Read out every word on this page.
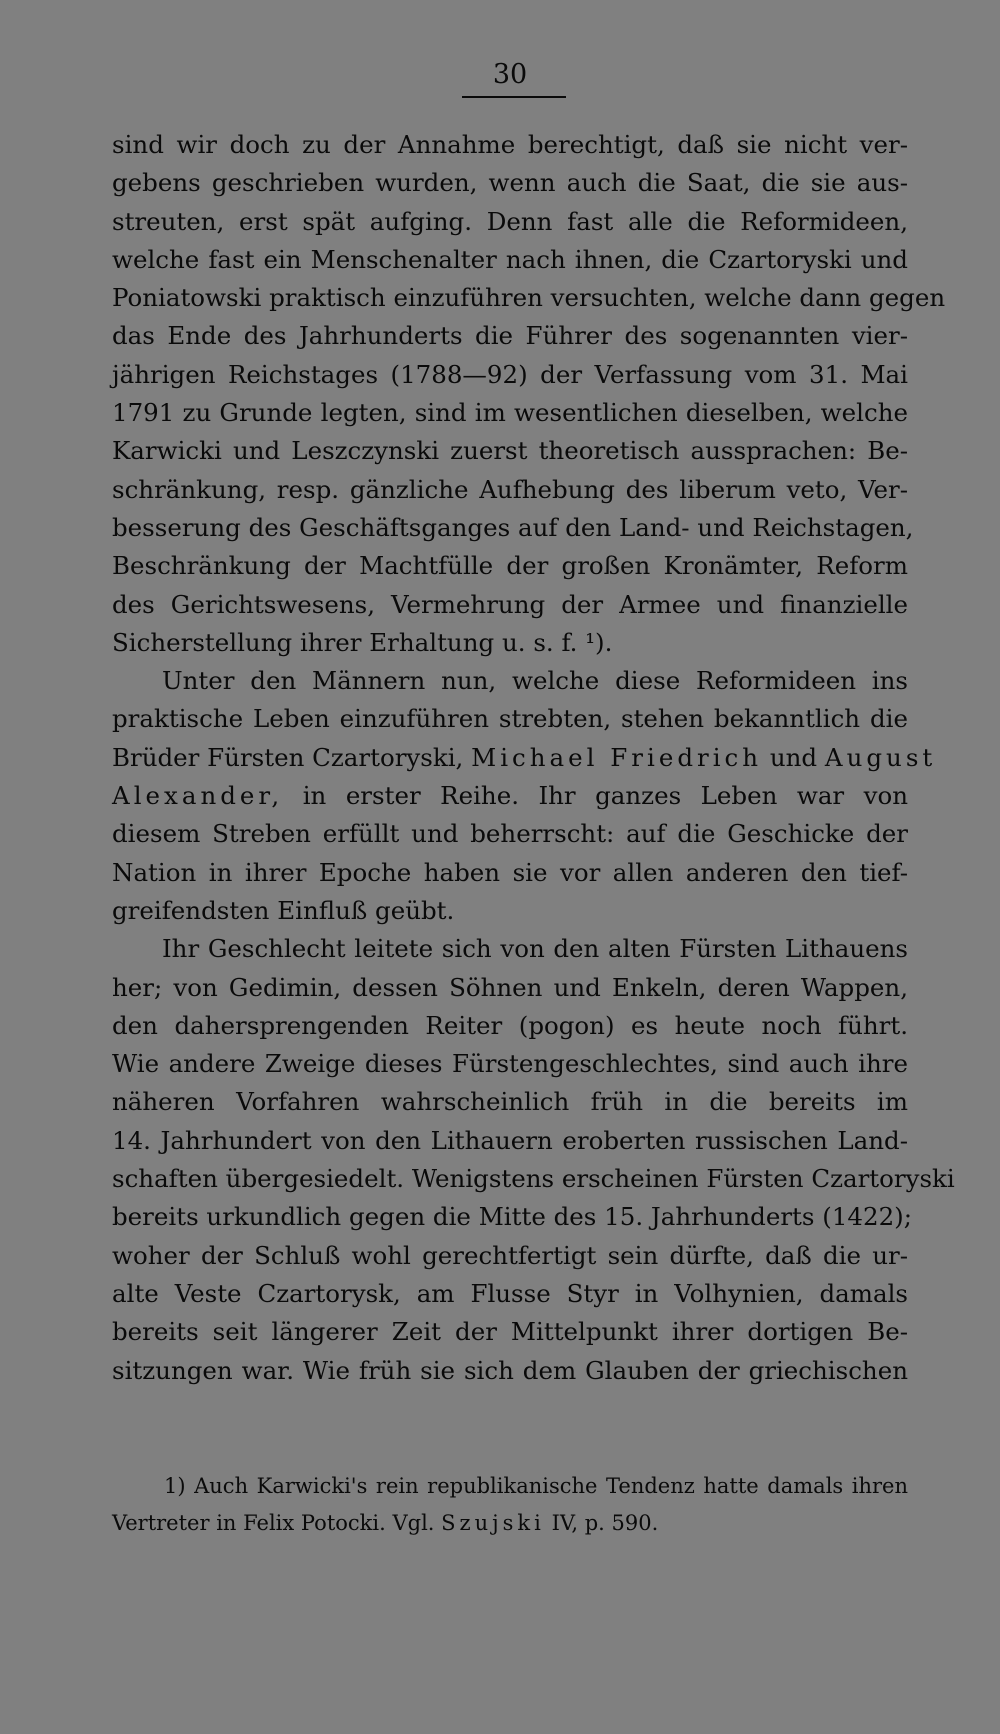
30
sind wir doch zu der Annahme berechtigt, daß sie nicht ver-
gebens geschrieben wurden, wenn auch die Saat, die sie aus-
streuten, erst spät aufging. Denn fast alle die Reformideen,
welche fast ein Menschenalter nach ihnen, die Czartoryski und
Poniatowski praktisch einzuführen versuchten, welche dann gegen
das Ende des Jahrhunderts die Führer des sogenannten vier-
jährigen Reichstages (1788—92) der Verfassung vom 31. Mai
1791 zu Grunde legten, sind im wesentlichen dieselben, welche
Karwicki und Leszczynski zuerst theoretisch aussprachen: Be-
schränkung, resp. gänzliche Aufhebung des liberum veto, Ver-
besserung des Geschäftsganges auf den Land- und Reichstagen,
Beschränkung der Machtfülle der großen Kronämter, Reform
des Gerichtswesens, Vermehrung der Armee und finanzielle
Sicherstellung ihrer Erhaltung u. s. f. ¹).
Unter den Männern nun, welche diese Reformideen ins
praktische Leben einzuführen strebten, stehen bekanntlich die
Brüder Fürsten Czartoryski, Michael Friedrich und August
Alexander, in erster Reihe. Ihr ganzes Leben war von
diesem Streben erfüllt und beherrscht: auf die Geschicke der
Nation in ihrer Epoche haben sie vor allen anderen den tief-
greifendsten Einfluß geübt.
Ihr Geschlecht leitete sich von den alten Fürsten Lithauens
her; von Gedimin, dessen Söhnen und Enkeln, deren Wappen,
den dahersprengenden Reiter (pogon) es heute noch führt.
Wie andere Zweige dieses Fürstengeschlechtes, sind auch ihre
näheren Vorfahren wahrscheinlich früh in die bereits im
14. Jahrhundert von den Lithauern eroberten russischen Land-
schaften übergesiedelt. Wenigstens erscheinen Fürsten Czartoryski
bereits urkundlich gegen die Mitte des 15. Jahrhunderts (1422);
woher der Schluß wohl gerechtfertigt sein dürfte, daß die ur-
alte Veste Czartorysk, am Flusse Styr in Volhynien, damals
bereits seit längerer Zeit der Mittelpunkt ihrer dortigen Be-
sitzungen war. Wie früh sie sich dem Glauben der griechischen
1) Auch Karwicki's rein republikanische Tendenz hatte damals ihren
Vertreter in Felix Potocki. Vgl. Szujski IV, p. 590.
